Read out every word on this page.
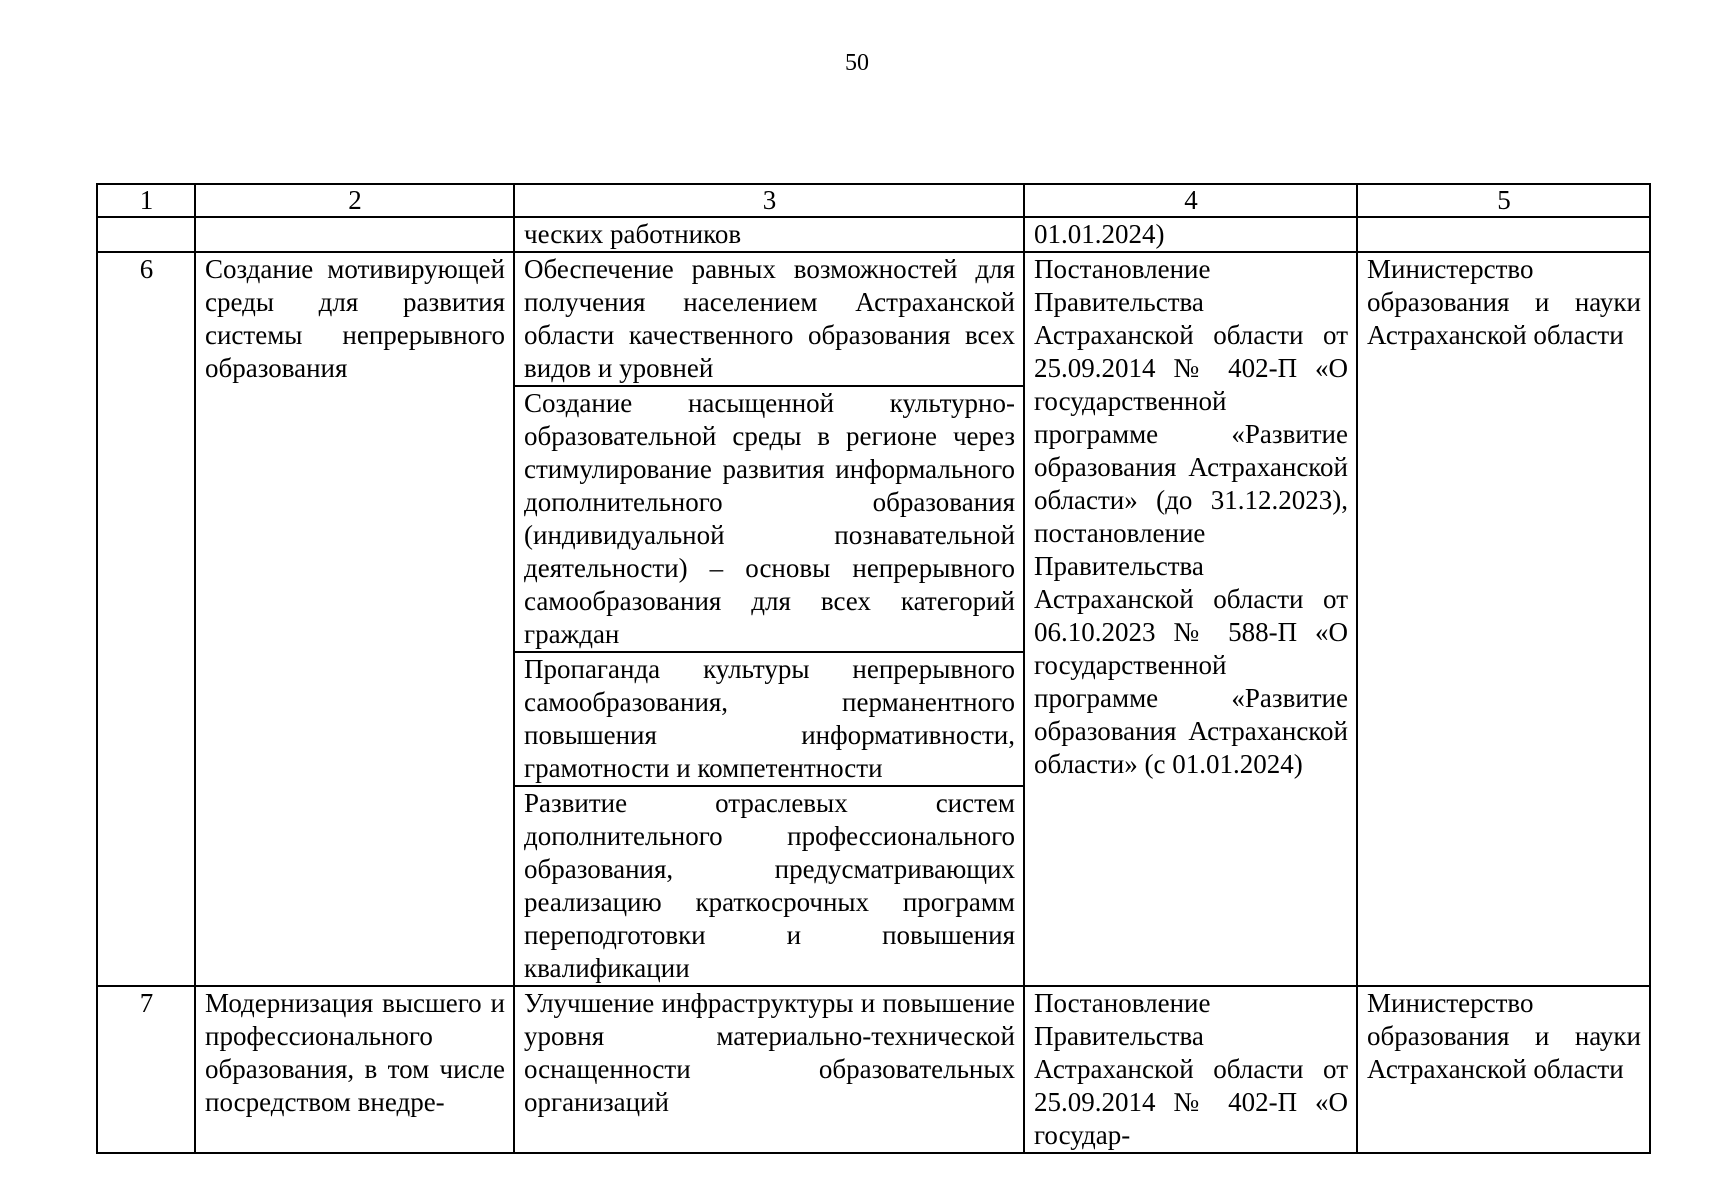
50
1	2	3	4	5
		ческих работников	01.01.2024)	
6	Создание мотивирующей среды для развития системы непрерывного образования	Обеспечение равных возможностей для получения населением Астраханской области качественного образования всех видов и уровней	Постановление Правительства Астраханской области от 25.09.2014 № 402-П «О государственной программе «Развитие образования Астраханской области» (до 31.12.2023), постановление Правительства Астраханской области от 06.10.2023 № 588-П «О государственной программе «Развитие образования Астраханской области» (с 01.01.2024)	Министерство образования и науки Астраханской области
		Создание насыщенной культурно-образовательной среды в регионе через стимулирование развития информального дополнительного образования (индивидуальной познавательной деятельности) – основы непрерывного самообразования для всех категорий граждан		
		Пропаганда культуры непрерывного самообразования, перманентного повышения информативности, грамотности и компетентности		
		Развитие отраслевых систем дополнительного профессионального образования, предусматривающих реализацию краткосрочных программ переподготовки и повышения квалификации		
7	Модернизация высшего и профессионального образования, в том числе посредством внедре-	Улучшение инфраструктуры и повышение уровня материально-технической оснащенности образовательных организаций	Постановление Правительства Астраханской области от 25.09.2014 № 402-П «О государ-	Министерство образования и науки Астраханской области
